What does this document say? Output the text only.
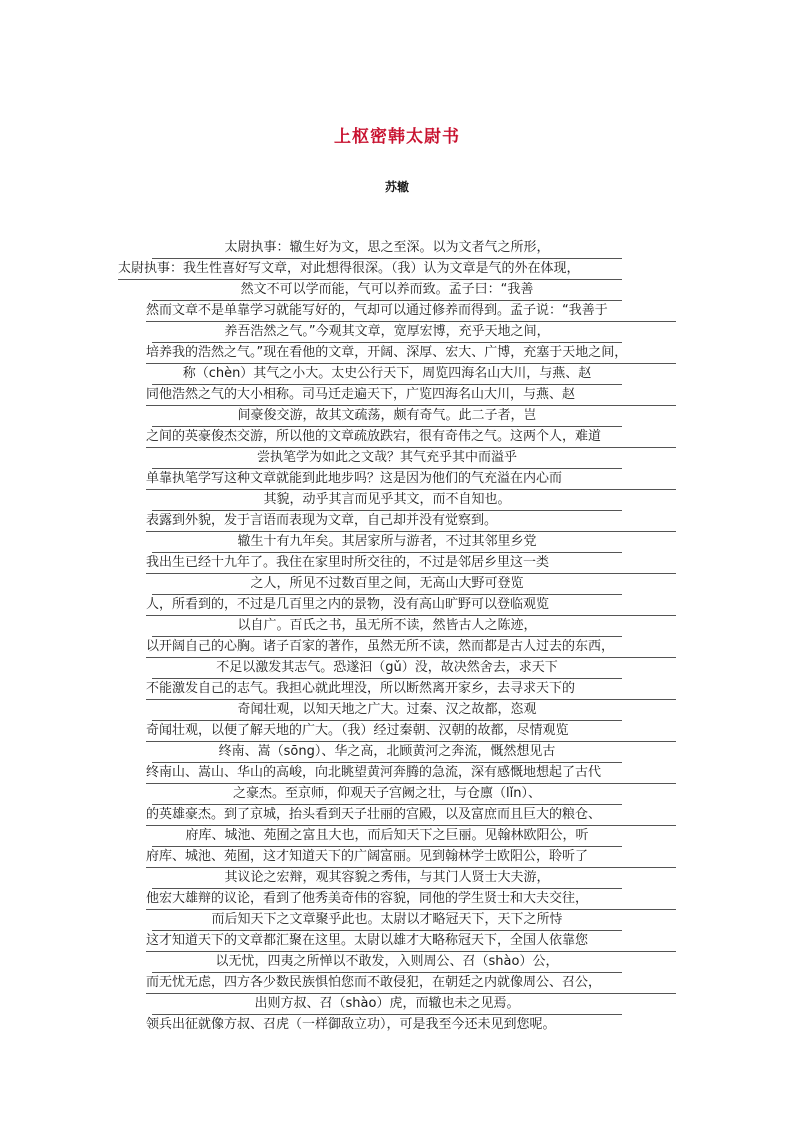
上枢密韩太尉书
苏辙
太尉执事：辙生好为文，思之至深。以为文者气之所形，
太尉执事：我生性喜好写文章，对此想得很深。（我）认为文章是气的外在体现，
然文不可以学而能，气可以养而致。孟子曰：“我善
然而文章不是单靠学习就能写好的，气却可以通过修养而得到。孟子说：“我善于
养吾浩然之气。”今观其文章，宽厚宏博，充乎天地之间，
培养我的浩然之气。”现在看他的文章，开阔、深厚、宏大、广博，充塞于天地之间，
称（chèn）其气之小大。太史公行天下，周览四海名山大川，与燕、赵
同他浩然之气的大小相称。司马迁走遍天下，广览四海名山大川，与燕、赵
间豪俊交游，故其文疏荡，颇有奇气。此二子者，岂
之间的英豪俊杰交游，所以他的文章疏放跌宕，很有奇伟之气。这两个人，难道
尝执笔学为如此之文哉？其气充乎其中而溢乎
单靠执笔学写这种文章就能到此地步吗？这是因为他们的气充溢在内心而
其貌，动乎其言而见乎其文，而不自知也。
表露到外貌，发于言语而表现为文章，自己却并没有觉察到。
辙生十有九年矣。其居家所与游者，不过其邻里乡党
我出生已经十九年了。我住在家里时所交往的，不过是邻居乡里这一类
之人，所见不过数百里之间，无高山大野可登览
人，所看到的，不过是几百里之内的景物，没有高山旷野可以登临观览
以自广。百氏之书，虽无所不读，然皆古人之陈迹，
以开阔自己的心胸。诸子百家的著作，虽然无所不读，然而都是古人过去的东西，
不足以激发其志气。恐遂汩（gǔ）没，故决然舍去，求天下
不能激发自己的志气。我担心就此埋没，所以断然离开家乡，去寻求天下的
奇闻壮观，以知天地之广大。过秦、汉之故都，恣观
奇闻壮观，以便了解天地的广大。（我）经过秦朝、汉朝的故都，尽情观览
终南、嵩（sōng）、华之高，北顾黄河之奔流，慨然想见古
终南山、嵩山、华山的高峻，向北眺望黄河奔腾的急流，深有感慨地想起了古代
之豪杰。至京师，仰观天子宫阙之壮，与仓廪（lǐn）、
的英雄豪杰。到了京城，抬头看到天子壮丽的宫殿，以及富庶而且巨大的粮仓、
府库、城池、苑囿之富且大也，而后知天下之巨丽。见翰林欧阳公，听
府库、城池、苑囿，这才知道天下的广阔富丽。见到翰林学士欧阳公，聆听了
其议论之宏辩，观其容貌之秀伟，与其门人贤士大夫游，
他宏大雄辩的议论，看到了他秀美奇伟的容貌，同他的学生贤士和大夫交往，
而后知天下之文章聚乎此也。太尉以才略冠天下，天下之所恃
这才知道天下的文章都汇聚在这里。太尉以雄才大略称冠天下，全国人依靠您
以无忧，四夷之所惮以不敢发，入则周公、召（shào）公，
而无忧无虑，四方各少数民族惧怕您而不敢侵犯，在朝廷之内就像周公、召公，
出则方叔、召（shào）虎，而辙也未之见焉。
领兵出征就像方叔、召虎（一样御敌立功），可是我至今还未见到您呢。
